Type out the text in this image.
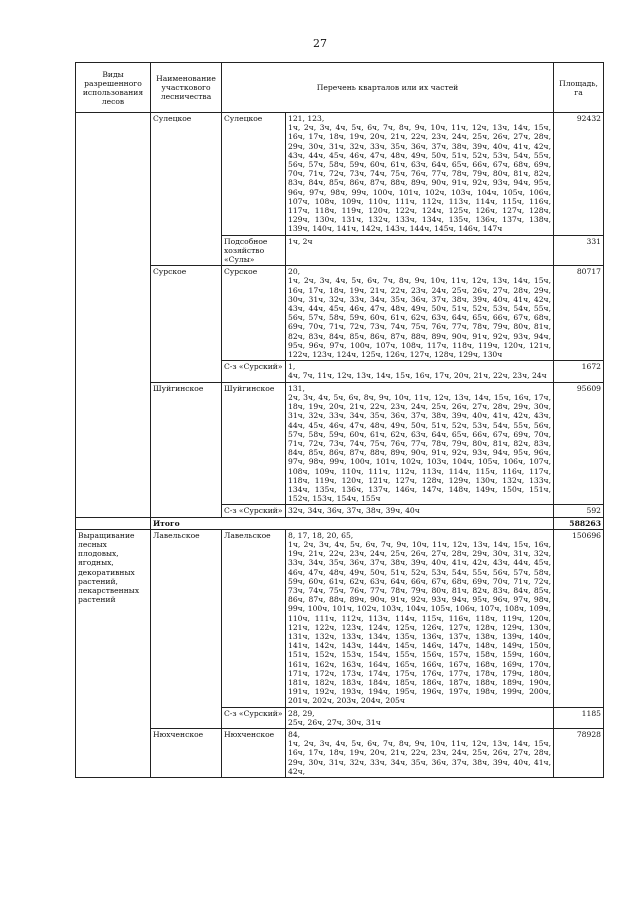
27
Виды разрешенного использования лесов	Наименование участкового лесничества	Перечень кварталов или их частей		Площадь, га
	Сулецкое	Сулецкое	121, 123,
1ч, 2ч, 3ч, 4ч, 5ч, 6ч, 7ч, 8ч, 9ч, 10ч, 11ч, 12ч, 13ч, 14ч, 15ч, 16ч, 17ч, 18ч, 19ч, 20ч, 21ч, 22ч, 23ч, 24ч, 25ч, 26ч, 27ч, 28ч, 29ч, 30ч, 31ч, 32ч, 33ч, 35ч, 36ч, 37ч, 38ч, 39ч, 40ч, 41ч, 42ч, 43ч, 44ч, 45ч, 46ч, 47ч, 48ч, 49ч, 50ч, 51ч, 52ч, 53ч, 54ч, 55ч, 56ч, 57ч, 58ч, 59ч, 60ч, 61ч, 63ч, 64ч, 65ч, 66ч, 67ч, 68ч, 69ч, 70ч, 71ч, 72ч, 73ч, 74ч, 75ч, 76ч, 77ч, 78ч, 79ч, 80ч, 81ч, 82ч, 83ч, 84ч, 85ч, 86ч, 87ч, 88ч, 89ч, 90ч, 91ч, 92ч, 93ч, 94ч, 95ч, 96ч, 97ч, 98ч, 99ч, 100ч, 101ч, 102ч, 103ч, 104ч, 105ч, 106ч, 107ч, 108ч, 109ч, 110ч, 111ч, 112ч, 113ч, 114ч, 115ч, 116ч, 117ч, 118ч, 119ч, 120ч, 122ч, 124ч, 125ч, 126ч, 127ч, 128ч, 129ч, 130ч, 131ч, 132ч, 133ч, 134ч, 135ч, 136ч, 137ч, 138ч, 139ч, 140ч, 141ч, 142ч, 143ч, 144ч, 145ч, 146ч, 147ч	92432
		Подсобное хозяйство «Сулы»	1ч, 2ч	331
	Сурское	Сурское	20,
1ч, 2ч, 3ч, 4ч, 5ч, 6ч, 7ч, 8ч, 9ч, 10ч, 11ч, 12ч, 13ч, 14ч, 15ч, 16ч, 17ч, 18ч, 19ч, 21ч, 22ч, 23ч, 24ч, 25ч, 26ч, 27ч, 28ч, 29ч, 30ч, 31ч, 32ч, 33ч, 34ч, 35ч, 36ч, 37ч, 38ч, 39ч, 40ч, 41ч, 42ч, 43ч, 44ч, 45ч, 46ч, 47ч, 48ч, 49ч, 50ч, 51ч, 52ч, 53ч, 54ч, 55ч, 56ч, 57ч, 58ч, 59ч, 60ч, 61ч, 62ч, 63ч, 64ч, 65ч, 66ч, 67ч, 68ч, 69ч, 70ч, 71ч, 72ч, 73ч, 74ч, 75ч, 76ч, 77ч, 78ч, 79ч, 80ч, 81ч, 82ч, 83ч, 84ч, 85ч, 86ч, 87ч, 88ч, 89ч, 90ч, 91ч, 92ч, 93ч, 94ч, 95ч, 96ч, 97ч, 100ч, 107ч, 108ч, 117ч, 118ч, 119ч, 120ч, 121ч, 122ч, 123ч, 124ч, 125ч, 126ч, 127ч, 128ч, 129ч, 130ч	80717
		С-з «Сурский»	1,
4ч, 7ч, 11ч, 12ч, 13ч, 14ч, 15ч, 16ч, 17ч, 20ч, 21ч, 22ч, 23ч, 24ч	1672
	Шуйгинское	Шуйгинское	131,
2ч, 3ч, 4ч, 5ч, 6ч, 8ч, 9ч, 10ч, 11ч, 12ч, 13ч, 14ч, 15ч, 16ч, 17ч, 18ч, 19ч, 20ч, 21ч, 22ч, 23ч, 24ч, 25ч, 26ч, 27ч, 28ч, 29ч, 30ч, 31ч, 32ч, 33ч, 34ч, 35ч, 36ч, 37ч, 38ч, 39ч, 40ч, 41ч, 42ч, 43ч, 44ч, 45ч, 46ч, 47ч, 48ч, 49ч, 50ч, 51ч, 52ч, 53ч, 54ч, 55ч, 56ч, 57ч, 58ч, 59ч, 60ч, 61ч, 62ч, 63ч, 64ч, 65ч, 66ч, 67ч, 69ч, 70ч, 71ч, 72ч, 73ч, 74ч, 75ч, 76ч, 77ч, 78ч, 79ч, 80ч, 81ч, 82ч, 83ч, 84ч, 85ч, 86ч, 87ч, 88ч, 89ч, 90ч, 91ч, 92ч, 93ч, 94ч, 95ч, 96ч, 97ч, 98ч, 99ч, 100ч, 101ч, 102ч, 103ч, 104ч, 105ч, 106ч, 107ч, 108ч, 109ч, 110ч, 111ч, 112ч, 113ч, 114ч, 115ч, 116ч, 117ч, 118ч, 119ч, 120ч, 121ч, 127ч, 128ч, 129ч, 130ч, 132ч, 133ч, 134ч, 135ч, 136ч, 137ч, 146ч, 147ч, 148ч, 149ч, 150ч, 151ч, 152ч, 153ч, 154ч, 155ч	95609
		С-з «Сурский»	32ч, 34ч, 36ч, 37ч, 38ч, 39ч, 40ч	592
	Итого			588263
Выращивание лесных плодовых, ягодных, декоративных растений, лекарственных растений	Лавельское	Лавельское	8, 17, 18, 20, 65,
1ч, 2ч, 3ч, 4ч, 5ч, 6ч, 7ч, 9ч, 10ч, 11ч, 12ч, 13ч, 14ч, 15ч, 16ч, 19ч, 21ч, 22ч, 23ч, 24ч, 25ч, 26ч, 27ч, 28ч, 29ч, 30ч, 31ч, 32ч, 33ч, 34ч, 35ч, 36ч, 37ч, 38ч, 39ч, 40ч, 41ч, 42ч, 43ч, 44ч, 45ч, 46ч, 47ч, 48ч, 49ч, 50ч, 51ч, 52ч, 53ч, 54ч, 55ч, 56ч, 57ч, 58ч, 59ч, 60ч, 61ч, 62ч, 63ч, 64ч, 66ч, 67ч, 68ч, 69ч, 70ч, 71ч, 72ч, 73ч, 74ч, 75ч, 76ч, 77ч, 78ч, 79ч, 80ч, 81ч, 82ч, 83ч, 84ч, 85ч, 86ч, 87ч, 88ч, 89ч, 90ч, 91ч, 92ч, 93ч, 94ч, 95ч, 96ч, 97ч, 98ч, 99ч, 100ч, 101ч, 102ч, 103ч, 104ч, 105ч, 106ч, 107ч, 108ч, 109ч, 110ч, 111ч, 112ч, 113ч, 114ч, 115ч, 116ч, 118ч, 119ч, 120ч, 121ч, 122ч, 123ч, 124ч, 125ч, 126ч, 127ч, 128ч, 129ч, 130ч, 131ч, 132ч, 133ч, 134ч, 135ч, 136ч, 137ч, 138ч, 139ч, 140ч, 141ч, 142ч, 143ч, 144ч, 145ч, 146ч, 147ч, 148ч, 149ч, 150ч, 151ч, 152ч, 153ч, 154ч, 155ч, 156ч, 157ч, 158ч, 159ч, 160ч, 161ч, 162ч, 163ч, 164ч, 165ч, 166ч, 167ч, 168ч, 169ч, 170ч, 171ч, 172ч, 173ч, 174ч, 175ч, 176ч, 177ч, 178ч, 179ч, 180ч, 181ч, 182ч, 183ч, 184ч, 185ч, 186ч, 187ч, 188ч, 189ч, 190ч, 191ч, 192ч, 193ч, 194ч, 195ч, 196ч, 197ч, 198ч, 199ч, 200ч, 201ч, 202ч, 203ч, 204ч, 205ч	150696
		С-з «Сурский»	28, 29,
25ч, 26ч, 27ч, 30ч, 31ч	1185
	Нюхченское	Нюхченское	84,
1ч, 2ч, 3ч, 4ч, 5ч, 6ч, 7ч, 8ч, 9ч, 10ч, 11ч, 12ч, 13ч, 14ч, 15ч, 16ч, 17ч, 18ч, 19ч, 20ч, 21ч, 22ч, 23ч, 24ч, 25ч, 26ч, 27ч, 28ч, 29ч, 30ч, 31ч, 32ч, 33ч, 34ч, 35ч, 36ч, 37ч, 38ч, 39ч, 40ч, 41ч, 42ч,	78928
